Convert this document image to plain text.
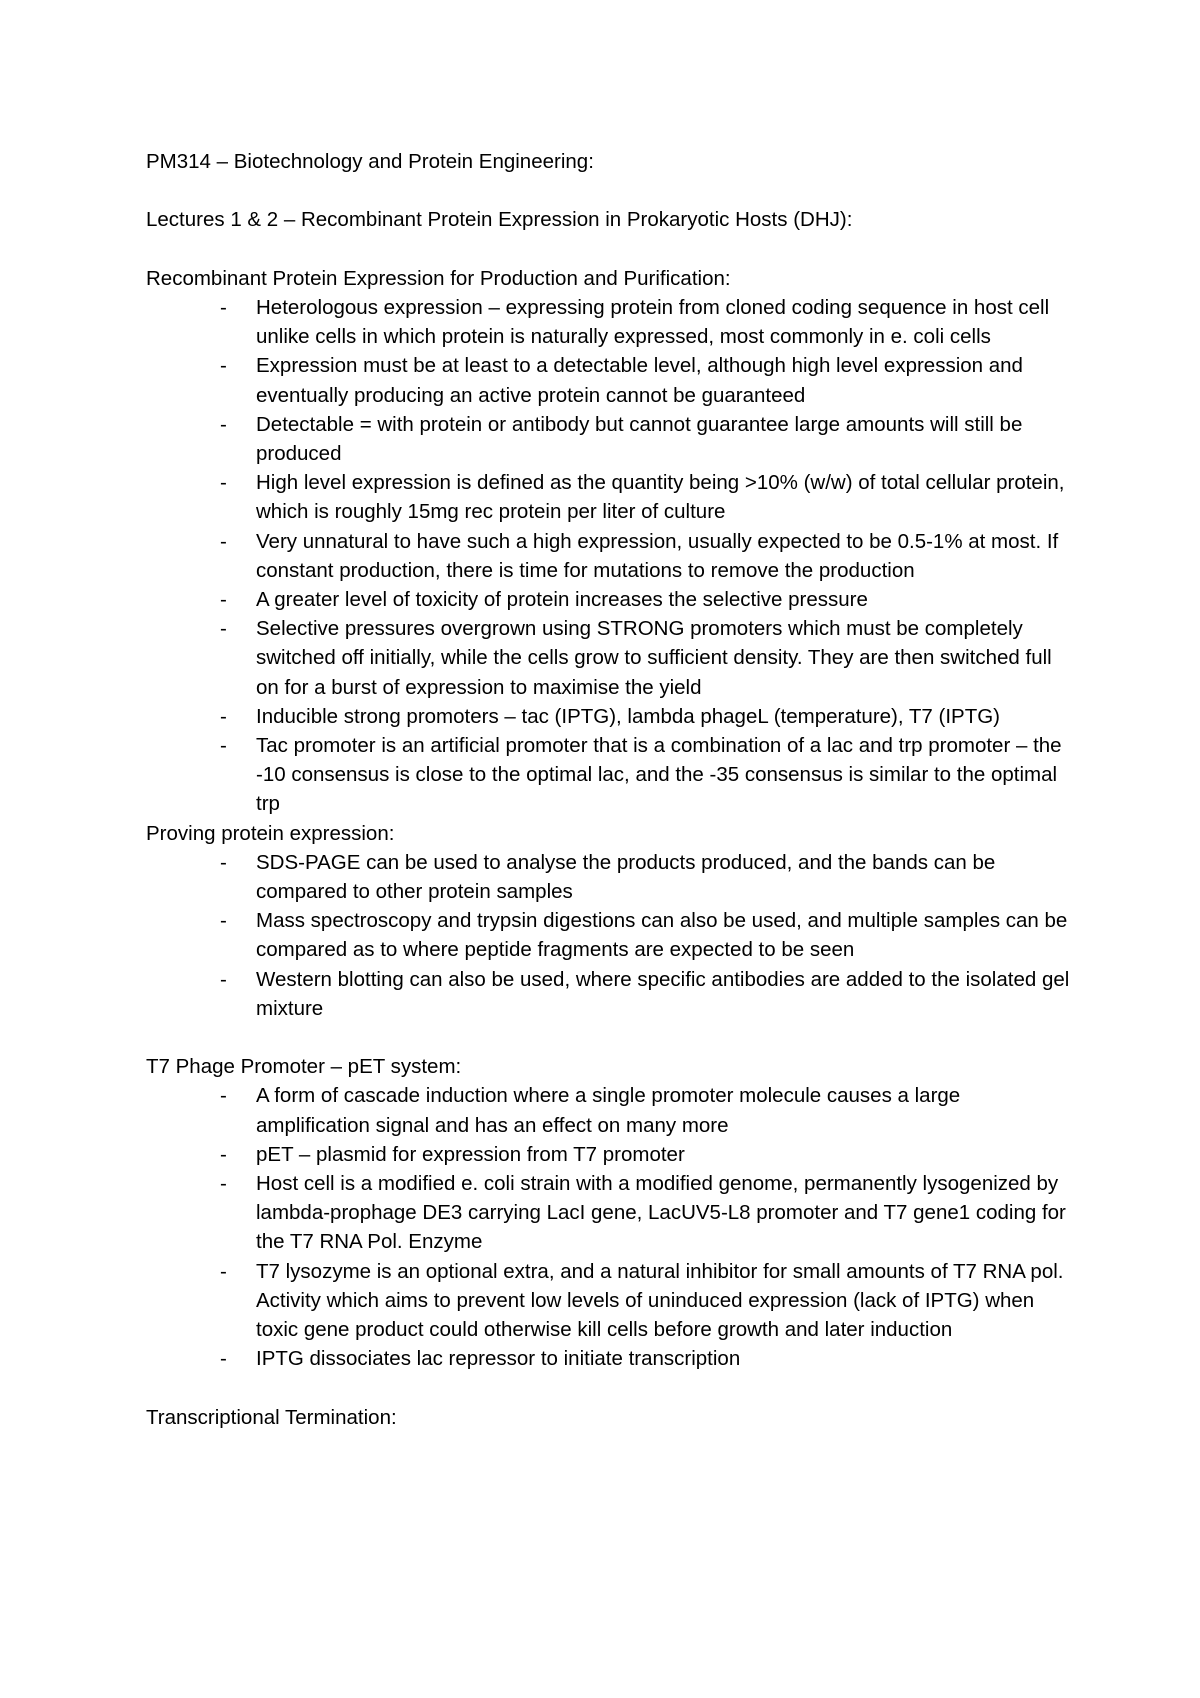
PM314 – Biotechnology and Protein Engineering:

Lectures 1 & 2 – Recombinant Protein Expression in Prokaryotic Hosts (DHJ):

Recombinant Protein Expression for Production and Purification:

- Heterologous expression – expressing protein from cloned coding sequence in host cell unlike cells in which protein is naturally expressed, most commonly in e. coli cells
- Expression must be at least to a detectable level, although high level expression and eventually producing an active protein cannot be guaranteed
- Detectable = with protein or antibody but cannot guarantee large amounts will still be produced
- High level expression is defined as the quantity being >10% (w/w) of total cellular protein, which is roughly 15mg rec protein per liter of culture
- Very unnatural to have such a high expression, usually expected to be 0.5-1% at most. If constant production, there is time for mutations to remove the production
- A greater level of toxicity of protein increases the selective pressure
- Selective pressures overgrown using STRONG promoters which must be completely switched off initially, while the cells grow to sufficient density. They are then switched full on for a burst of expression to maximise the yield
- Inducible strong promoters – tac (IPTG), lambda phageL (temperature), T7 (IPTG)
- Tac promoter is an artificial promoter that is a combination of a lac and trp promoter – the -10 consensus is close to the optimal lac, and the -35 consensus is similar to the optimal trp

Proving protein expression:

- SDS-PAGE can be used to analyse the products produced, and the bands can be compared to other protein samples
- Mass spectroscopy and trypsin digestions can also be used, and multiple samples can be compared as to where peptide fragments are expected to be seen
- Western blotting can also be used, where specific antibodies are added to the isolated gel mixture

T7 Phage Promoter – pET system:

- A form of cascade induction where a single promoter molecule causes a large amplification signal and has an effect on many more
- pET – plasmid for expression from T7 promoter
- Host cell is a modified e. coli strain with a modified genome, permanently lysogenized by lambda-prophage DE3 carrying LacI gene, LacUV5-L8 promoter and T7 gene1 coding for the T7 RNA Pol. Enzyme
- T7 lysozyme is an optional extra, and a natural inhibitor for small amounts of T7 RNA pol. Activity which aims to prevent low levels of uninduced expression (lack of IPTG) when toxic gene product could otherwise kill cells before growth and later induction
- IPTG dissociates lac repressor to initiate transcription

Transcriptional Termination:
